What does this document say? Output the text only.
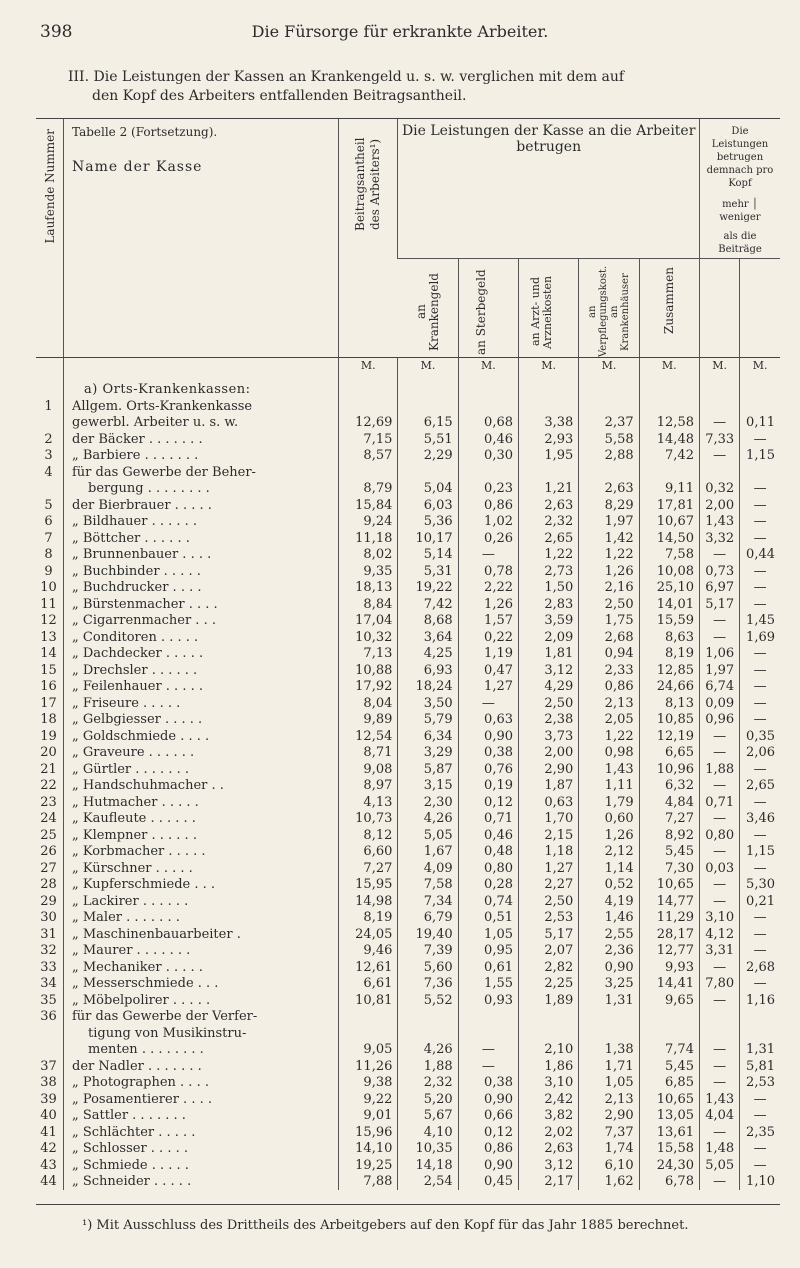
398	Die Fürsorge für erkrankte Arbeiter.
III. Die Leistungen der Kassen an Krankengeld u. s. w. verglichen mit dem auf
den Kopf des Arbeiters entfallenden Beitragsantheil.
Laufende Nummer	Tabelle 2 (Fortsetzung).
Name der Kasse	Beitragsantheil des Arbeiters¹)	Die Leistungen der Kasse an die Arbeiter betrugen					Die Leistungen betrugen demnach pro Kopf
mehr │ weniger
als die Beiträge	

			an Krankengeld	an Sterbegeld	an Arzt- und Arzneikosten	an Verpflegungskost. an Krankenhäuser	Zusammen		

		M.	M.	M.	M.	M.	M.	M.	M.
	a) Orts-Krankenkassen:								
1	Allgem. Orts-Krankenkasse								
	gewerbl. Arbeiter u. s. w.	12,69	6,15	0,68	3,38	2,37	12,58	—	0,11
2	der Bäcker . . . . . . .	7,15	5,51	0,46	2,93	5,58	14,48	7,33	—
3	„ Barbiere . . . . . . .	8,57	2,29	0,30	1,95	2,88	7,42	—	1,15
4	für das Gewerbe der Beher-								
	bergung . . . . . . . .	8,79	5,04	0,23	1,21	2,63	9,11	0,32	—
5	der Bierbrauer . . . . .	15,84	6,03	0,86	2,63	8,29	17,81	2,00	—
6	„ Bildhauer . . . . . .	9,24	5,36	1,02	2,32	1,97	10,67	1,43	—
7	„ Böttcher . . . . . .	11,18	10,17	0,26	2,65	1,42	14,50	3,32	—
8	„ Brunnenbauer . . . .	8,02	5,14	—	1,22	1,22	7,58	—	0,44
9	„ Buchbinder . . . . .	9,35	5,31	0,78	2,73	1,26	10,08	0,73	—
10	„ Buchdrucker . . . .	18,13	19,22	2,22	1,50	2,16	25,10	6,97	—
11	„ Bürstenmacher . . . .	8,84	7,42	1,26	2,83	2,50	14,01	5,17	—
12	„ Cigarrenmacher . . .	17,04	8,68	1,57	3,59	1,75	15,59	—	1,45
13	„ Conditoren . . . . .	10,32	3,64	0,22	2,09	2,68	8,63	—	1,69
14	„ Dachdecker . . . . .	7,13	4,25	1,19	1,81	0,94	8,19	1,06	—
15	„ Drechsler . . . . . .	10,88	6,93	0,47	3,12	2,33	12,85	1,97	—
16	„ Feilenhauer . . . . .	17,92	18,24	1,27	4,29	0,86	24,66	6,74	—
17	„ Friseure . . . . .	8,04	3,50	—	2,50	2,13	8,13	0,09	—
18	„ Gelbgiesser . . . . .	9,89	5,79	0,63	2,38	2,05	10,85	0,96	—
19	„ Goldschmiede . . . .	12,54	6,34	0,90	3,73	1,22	12,19	—	0,35
20	„ Graveure . . . . . .	8,71	3,29	0,38	2,00	0,98	6,65	—	2,06
21	„ Gürtler . . . . . . .	9,08	5,87	0,76	2,90	1,43	10,96	1,88	—
22	„ Handschuhmacher . .	8,97	3,15	0,19	1,87	1,11	6,32	—	2,65
23	„ Hutmacher . . . . .	4,13	2,30	0,12	0,63	1,79	4,84	0,71	—
24	„ Kaufleute . . . . . .	10,73	4,26	0,71	1,70	0,60	7,27	—	3,46
25	„ Klempner . . . . . .	8,12	5,05	0,46	2,15	1,26	8,92	0,80	—
26	„ Korbmacher . . . . .	6,60	1,67	0,48	1,18	2,12	5,45	—	1,15
27	„ Kürschner . . . . .	7,27	4,09	0,80	1,27	1,14	7,30	0,03	—
28	„ Kupferschmiede . . .	15,95	7,58	0,28	2,27	0,52	10,65	—	5,30
29	„ Lackirer . . . . . .	14,98	7,34	0,74	2,50	4,19	14,77	—	0,21
30	„ Maler . . . . . . .	8,19	6,79	0,51	2,53	1,46	11,29	3,10	—
31	„ Maschinenbauarbeiter .	24,05	19,40	1,05	5,17	2,55	28,17	4,12	—
32	„ Maurer . . . . . . .	9,46	7,39	0,95	2,07	2,36	12,77	3,31	—
33	„ Mechaniker . . . . .	12,61	5,60	0,61	2,82	0,90	9,93	—	2,68
34	„ Messerschmiede . . .	6,61	7,36	1,55	2,25	3,25	14,41	7,80	—
35	„ Möbelpolirer . . . . .	10,81	5,52	0,93	1,89	1,31	9,65	—	1,16
36	für das Gewerbe der Verfer-								
	tigung von Musikinstru-								
	menten . . . . . . . .	9,05	4,26	—	2,10	1,38	7,74	—	1,31
37	der Nadler . . . . . . .	11,26	1,88	—	1,86	1,71	5,45	—	5,81
38	„ Photographen . . . .	9,38	2,32	0,38	3,10	1,05	6,85	—	2,53
39	„ Posamentierer . . . .	9,22	5,20	0,90	2,42	2,13	10,65	1,43	—
40	„ Sattler . . . . . . .	9,01	5,67	0,66	3,82	2,90	13,05	4,04	—
41	„ Schlächter . . . . .	15,96	4,10	0,12	2,02	7,37	13,61	—	2,35
42	„ Schlosser . . . . .	14,10	10,35	0,86	2,63	1,74	15,58	1,48	—
43	„ Schmiede . . . . .	19,25	14,18	0,90	3,12	6,10	24,30	5,05	—
44	„ Schneider . . . . .	7,88	2,54	0,45	2,17	1,62	6,78	—	1,10
¹) Mit Ausschluss des Drittheils des Arbeitgebers auf den Kopf für das Jahr 1885 berechnet.
